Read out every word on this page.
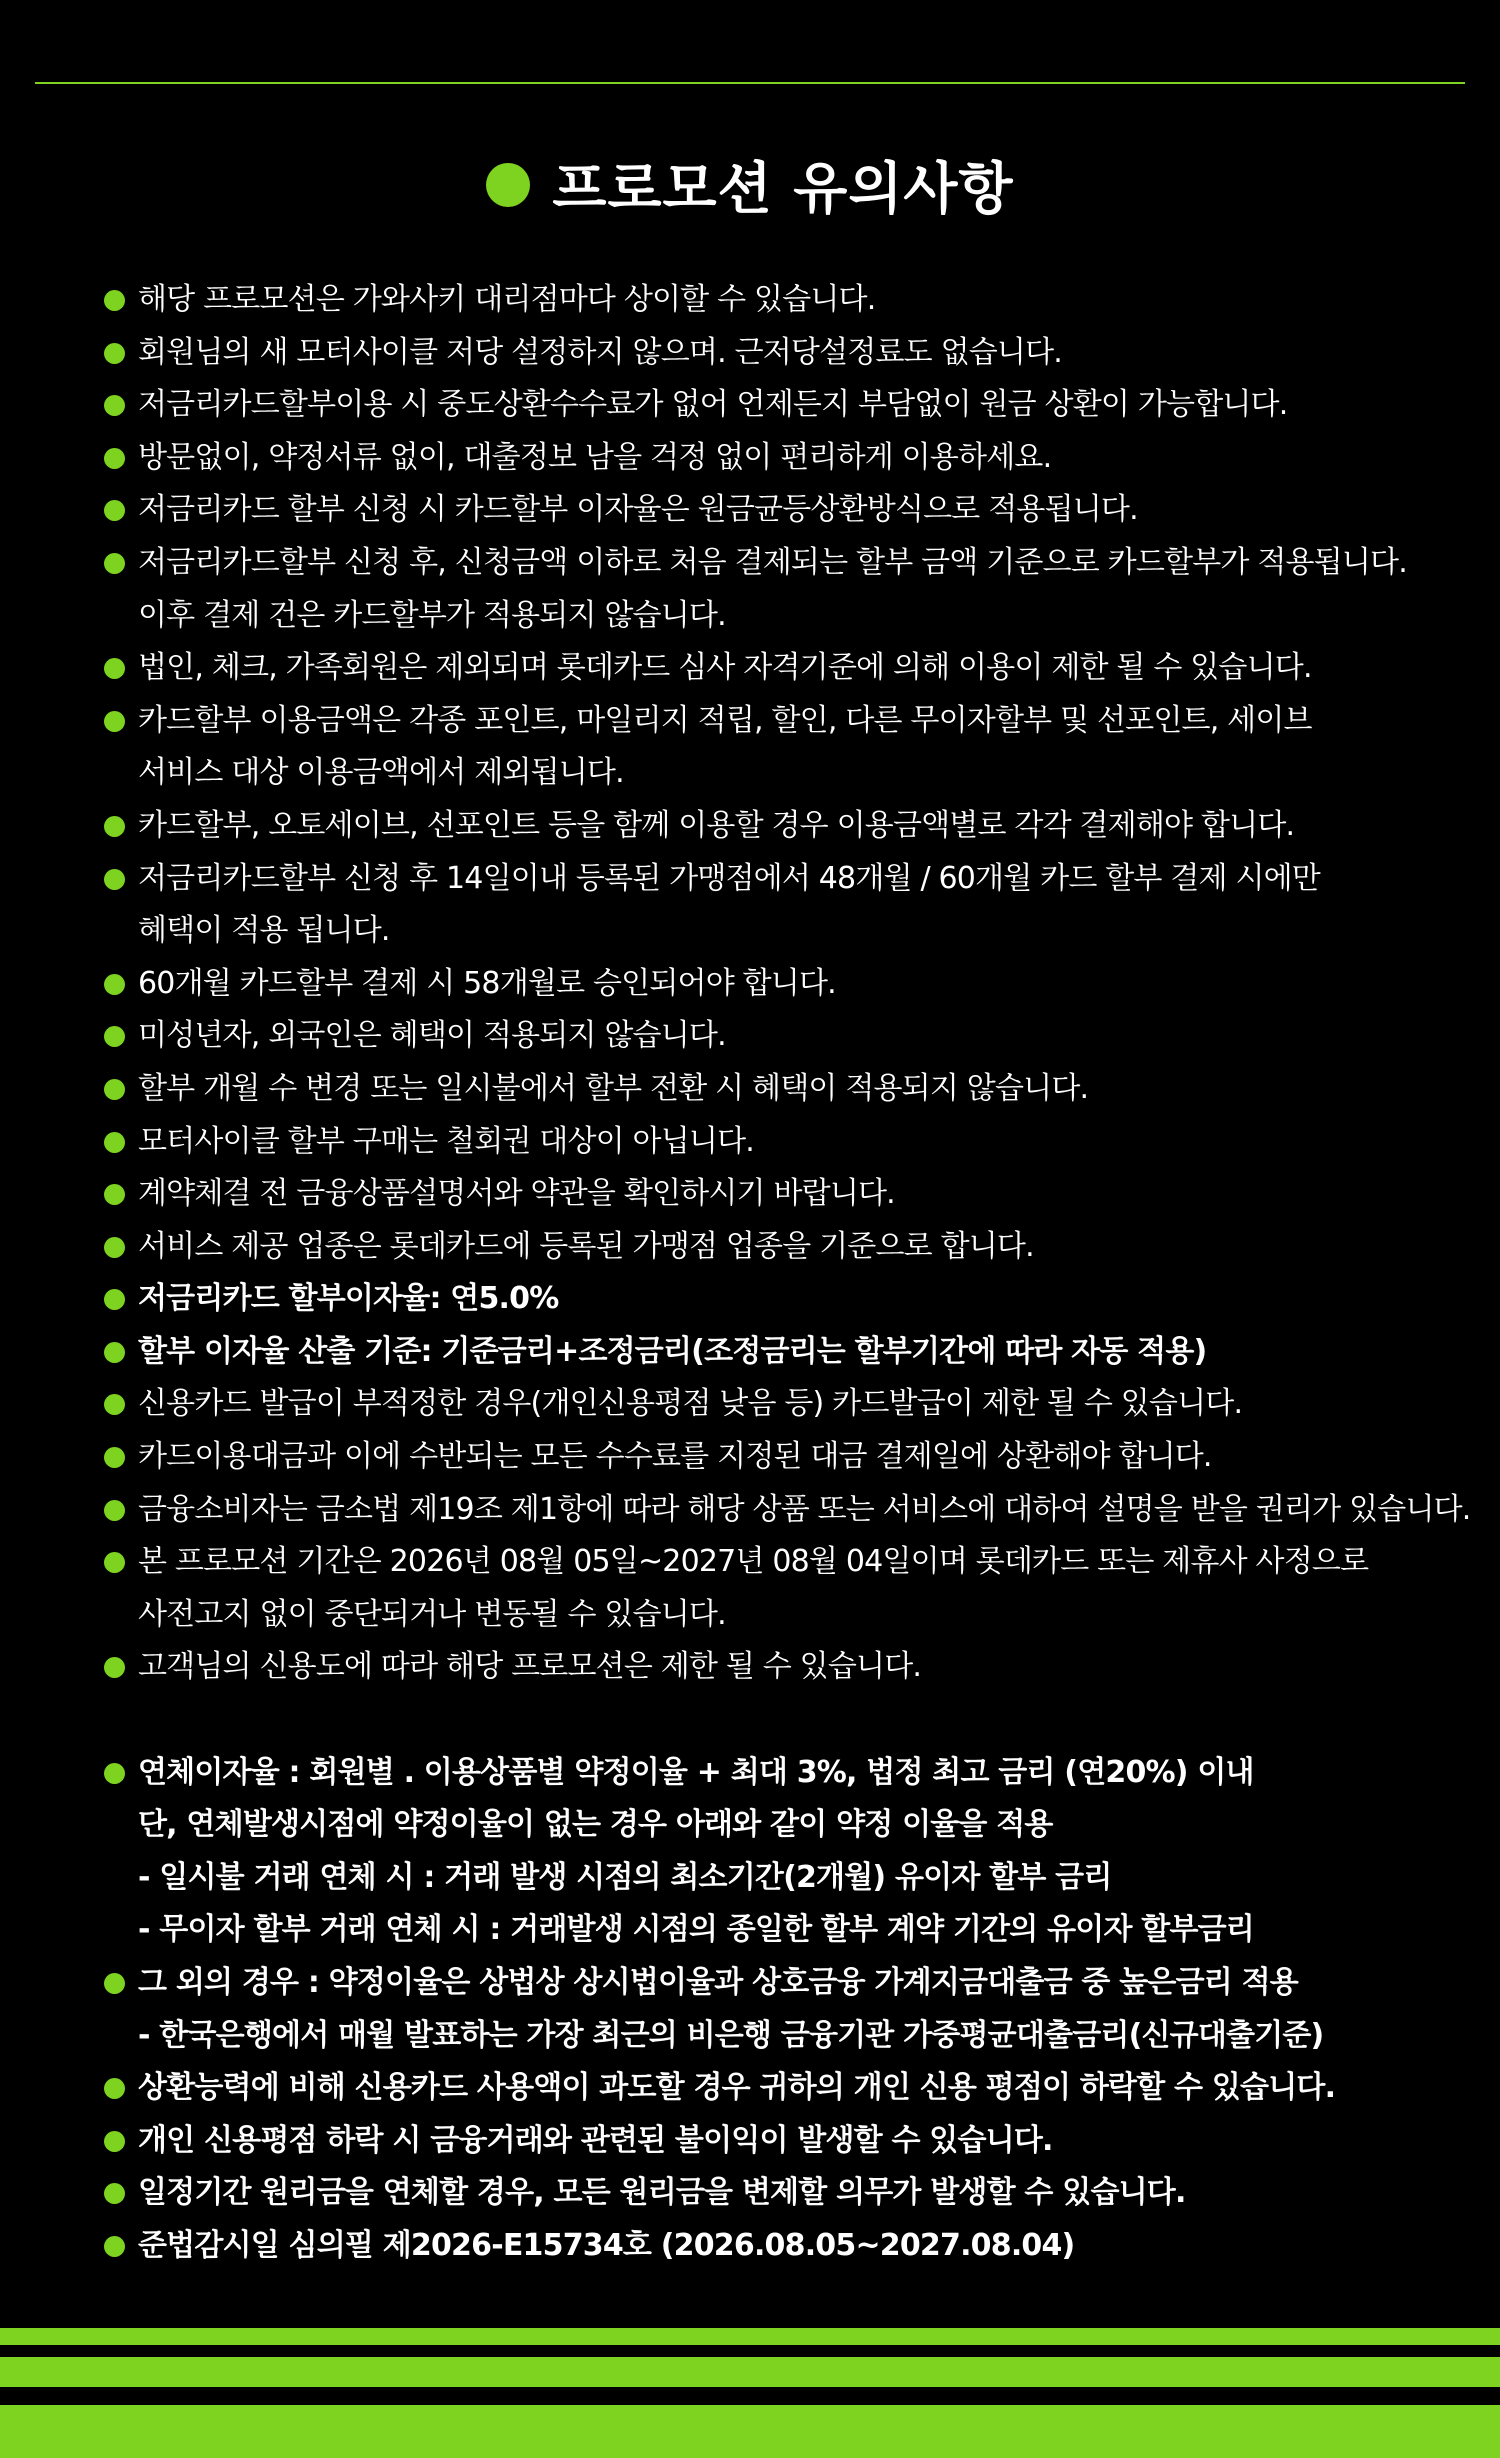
프로모션 유의사항
해당 프로모션은 가와사키 대리점마다 상이할 수 있습니다.
회원님의 새 모터사이클 저당 설정하지 않으며. 근저당설정료도 없습니다.
저금리카드할부이용 시 중도상환수수료가 없어 언제든지 부담없이 원금 상환이 가능합니다.
방문없이, 약정서류 없이, 대출정보 남을 걱정 없이 편리하게 이용하세요.
저금리카드 할부 신청 시 카드할부 이자율은 원금균등상환방식으로 적용됩니다.
저금리카드할부 신청 후, 신청금액 이하로 처음 결제되는 할부 금액 기준으로 카드할부가 적용됩니다.
이후 결제 건은 카드할부가 적용되지 않습니다.
법인, 체크, 가족회원은 제외되며 롯데카드 심사 자격기준에 의해 이용이 제한 될 수 있습니다.
카드할부 이용금액은 각종 포인트, 마일리지 적립, 할인, 다른 무이자할부 및 선포인트, 세이브
서비스 대상 이용금액에서 제외됩니다.
카드할부, 오토세이브, 선포인트 등을 함께 이용할 경우 이용금액별로 각각 결제해야 합니다.
저금리카드할부 신청 후 14일이내 등록된 가맹점에서 48개월 / 60개월 카드 할부 결제 시에만
혜택이 적용 됩니다.
60개월 카드할부 결제 시 58개월로 승인되어야 합니다.
미성년자, 외국인은 혜택이 적용되지 않습니다.
할부 개월 수 변경 또는 일시불에서 할부 전환 시 혜택이 적용되지 않습니다.
모터사이클 할부 구매는 철회권 대상이 아닙니다.
계약체결 전 금융상품설명서와 약관을 확인하시기 바랍니다.
서비스 제공 업종은 롯데카드에 등록된 가맹점 업종을 기준으로 합니다.
저금리카드 할부이자율: 연5.0%
할부 이자율 산출 기준: 기준금리+조정금리(조정금리는 할부기간에 따라 자동 적용)
신용카드 발급이 부적정한 경우(개인신용평점 낮음 등) 카드발급이 제한 될 수 있습니다.
카드이용대금과 이에 수반되는 모든 수수료를 지정된 대금 결제일에 상환해야 합니다.
금융소비자는 금소법 제19조 제1항에 따라 해당 상품 또는 서비스에 대하여 설명을 받을 권리가 있습니다.
본 프로모션 기간은 2026년 08월 05일~2027년 08월 04일이며 롯데카드 또는 제휴사 사정으로
사전고지 없이 중단되거나 변동될 수 있습니다.
고객님의 신용도에 따라 해당 프로모션은 제한 될 수 있습니다.
연체이자율 : 회원별 . 이용상품별 약정이율 + 최대 3%, 법정 최고 금리 (연20%) 이내
단, 연체발생시점에 약정이율이 없는 경우 아래와 같이 약정 이율을 적용
- 일시불 거래 연체 시 : 거래 발생 시점의 최소기간(2개월) 유이자 할부 금리
- 무이자 할부 거래 연체 시 : 거래발생 시점의 종일한 할부 계약 기간의 유이자 할부금리
그 외의 경우 : 약정이율은 상법상 상시법이율과 상호금융 가계지금대출금 중 높은금리 적용
- 한국은행에서 매월 발표하는 가장 최근의 비은행 금융기관 가중평균대출금리(신규대출기준)
상환능력에 비해 신용카드 사용액이 과도할 경우 귀하의 개인 신용 평점이 하락할 수 있습니다.
개인 신용평점 하락 시 금융거래와 관련된 불이익이 발생할 수 있습니다.
일정기간 원리금을 연체할 경우, 모든 원리금을 변제할 의무가 발생할 수 있습니다.
준법감시일 심의필 제2026-E15734호 (2026.08.05~2027.08.04)
